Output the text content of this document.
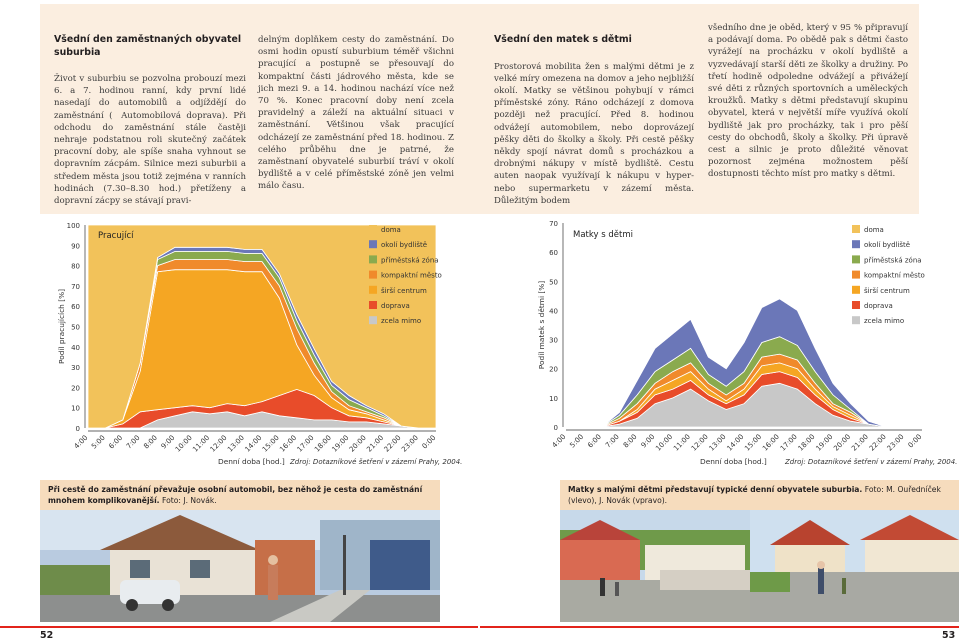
Všední den zaměstnaných obyvatel suburbia

Život v suburbiu se pozvolna probouzí mezi 6. a 7. hodinou ranní, kdy první lidé nasedají do automobilů a odjíždějí do zaměstnání ( Automobilová doprava). Při odchodu do zaměstnání stále častěji nehraje podstatnou roli skutečný začátek pracovní doby, ale spíše snaha vyhnout se dopravním zácpám. Silnice mezi suburbii a středem města jsou totiž zejména v ranních hodinách (7.30–8.30 hod.) přetíženy a dopravní zácpy se stávají pravi-

delným doplňkem cesty do zaměstnání. Do osmi hodin opustí suburbium téměř všichni pracující a postupně se přesouvají do kompaktní části jádrového města, kde se jich mezi 9. a 14. hodinou nachází více než 70 %. Konec pracovní doby není zcela pravidelný a záleží na aktuální situaci v zaměstnání. Většinou však pracující odcházejí ze zaměstnání před 18. hodinou. Z celého průběhu dne je patrné, že zaměstnaní obyvatelé suburbií tráví v okolí bydliště a v celé příměstské zóně jen velmi málo času.

0
10
20
30
40
50
60
70
80
90
100
4:00 5:00 6:00 7:00 8:00 9:00
10:00
11:00
12:00
13:00
14:00
15:00
16:00
17:00
18:00
19:00
20:00
21:00
22:00
23:00 0:00
Podíl pracujících [%]
Denní doba [hod.] Zdroj: Dotazníkové šetření v zázemí Prahy, 2004.
Pracující
doma
okolí bydliště
příměstská zóna
kompaktní město
širší centrum
doprava
zcela mimo
Při cestě do zaměstnání převažuje osobní automobil, bez něhož je cesta do zaměstnání mnohem komplikovanější. Foto: J. Novák.
52
Všední den matek s dětmi

Prostorová mobilita žen s malými dětmi je z velké míry omezena na domov a jeho nejbližší okolí. Matky se většinou pohybují v rámci příměstské zóny. Ráno odcházejí z domova později než pracující. Před 8. hodinou odvážejí automobilem, nebo doprovázejí pěšky děti do školky a školy. Při cestě pěšky někdy spojí návrat domů s procházkou a drobnými nákupy v místě bydliště. Cestu auten naopak využívají k nákupu v hyper- nebo supermarketu v zázemí města. Důležitým bodem

všedního dne je oběd, který v 95 % připravují a podávají doma. Po obědě pak s dětmi často vyrážejí na procházku v okolí bydliště a vyzvedávají starší děti ze školky a družiny. Po třetí hodině odpoledne odvážejí a přivážejí své děti z různých sportovních a uměleckých kroužků. Matky s dětmi představují skupinu obyvatel, která v největší míře využívá okolí bydliště jak pro procházky, tak i pro pěší cesty do obchodů, školy a školky. Při úpravě cest a silnic je proto důležité věnovat pozornost zejména možnostem pěší dostupnosti těchto míst pro matky s dětmi.

0
10
20
30
40
50
60
70
4:00 5:00 6:00 7:00 8:00 9:00
10:00
11:00
12:00
13:00
14:00
15:00
16:00
17:00
18:00
19:00
20:00
21:00
22:00
23:00 0:00
Podíl matek s dětmi [%]
Denní doba [hod.]	Zdroj: Dotazníkové šetření v zázemí Prahy, 2004.
Matky s dětmi	doma
okolí bydliště
příměstská zóna
kompaktní město
širší centrum
doprava
zcela mimo
Matky s malými dětmi představují typické denní obyvatele suburbia. Foto: M. Ouředníček (vlevo), J. Novák (vpravo).
53
